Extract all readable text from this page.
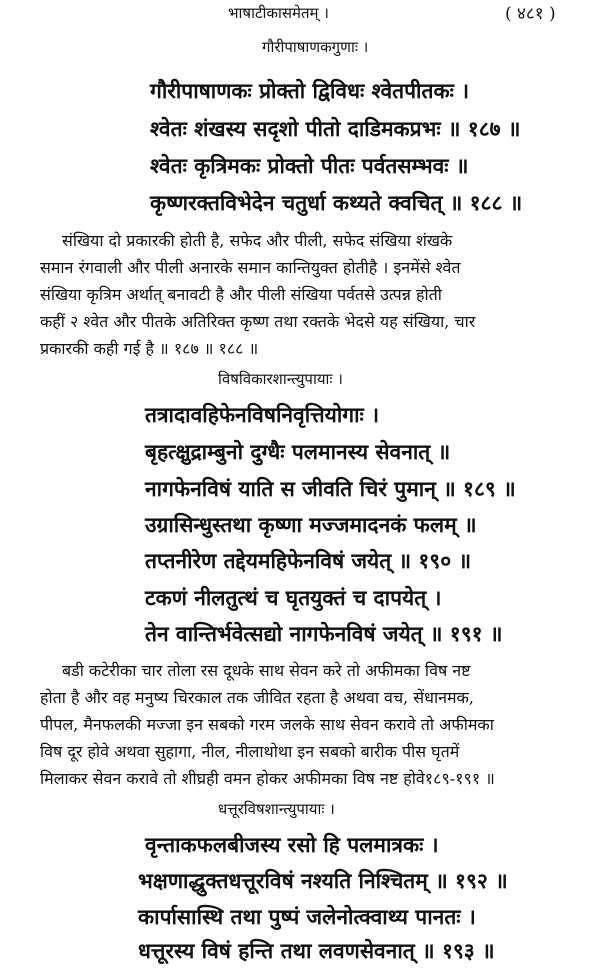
भाषाटीकासमेतम् ।	( ४८१ )
गौरीपाषाणकगुणाः ।
गौरीपाषाणकः प्रोक्तो द्विविधः श्वेतपीतकः ।
श्वेतः शंखस्य सदृशो पीतो दाडिमकप्रभः ॥ १८७ ॥
श्वेतः कृत्रिमकः प्रोक्तो पीतः पर्वतसम्भवः ॥
कृष्णरक्तविभेदेन चतुर्धा कथ्यते क्वचित् ॥ १८८ ॥
संखिया दो प्रकारकी होती है, सफेद और पीली, सफेद संखिया शंखके
समान रंगवाली और पीली अनारके समान कान्तियुक्त होतीहै । इनमेंसे श्वेत
संखिया कृत्रिम अर्थात् बनावटी है और पीली संखिया पर्वतसे उत्पन्न होती
कहीं २ श्वेत और पीतके अतिरिक्त कृष्ण तथा रक्तके भेदसे यह संखिया, चार
प्रकारकी कही गई है ॥ १८७ ॥ १८८ ॥
विषविकारशान्त्युपायाः ।
तत्रादावहिफेनविषनिवृत्तियोगाः ।
बृहत्क्षुद्राम्बुनो दुग्धैः पलमानस्य सेवनात् ॥
नागफेनविषं याति स जीवति चिरं पुमान् ॥ १८९ ॥
उग्रासिन्धुस्तथा कृष्णा मज्जमादनकं फलम् ॥
तप्तनीरेण तद्देयमहिफेनविषं जयेत् ॥ १९० ॥
टकणं नीलतुत्थं च घृतयुक्तं च दापयेत् ।
तेन वान्तिर्भवेत्सद्यो नागफेनविषं जयेत् ॥ १९१ ॥
बडी कटेरीका चार तोला रस दूधके साथ सेवन करे तो अफीमका विष नष्ट
होता है और वह मनुष्य चिरकाल तक जीवित रहता है अथवा वच, सेंधानमक,
पीपल, मैनफलकी मज्जा इन सबको गरम जलके साथ सेवन करावे तो अफीमका
विष दूर होवे अथवा सुहागा, नील, नीलाथोथा इन सबको बारीक पीस घृतमें
मिलाकर सेवन करावे तो शीघ्रही वमन होकर अफीमका विष नष्ट होवे१८९-१९१ ॥
धत्तूरविषशान्त्युपायाः ।
वृन्ताकफलबीजस्य रसो हि पलमात्रकः ।
भक्षणाद्धुक्तधत्तूरविषं नश्यति निश्चितम् ॥ १९२ ॥
कार्पासास्थि तथा पुष्पं जलेनोत्क्वाथ्य पानतः ।
धत्तूरस्य विषं हन्ति तथा लवणसेवनात् ॥ १९३ ॥
